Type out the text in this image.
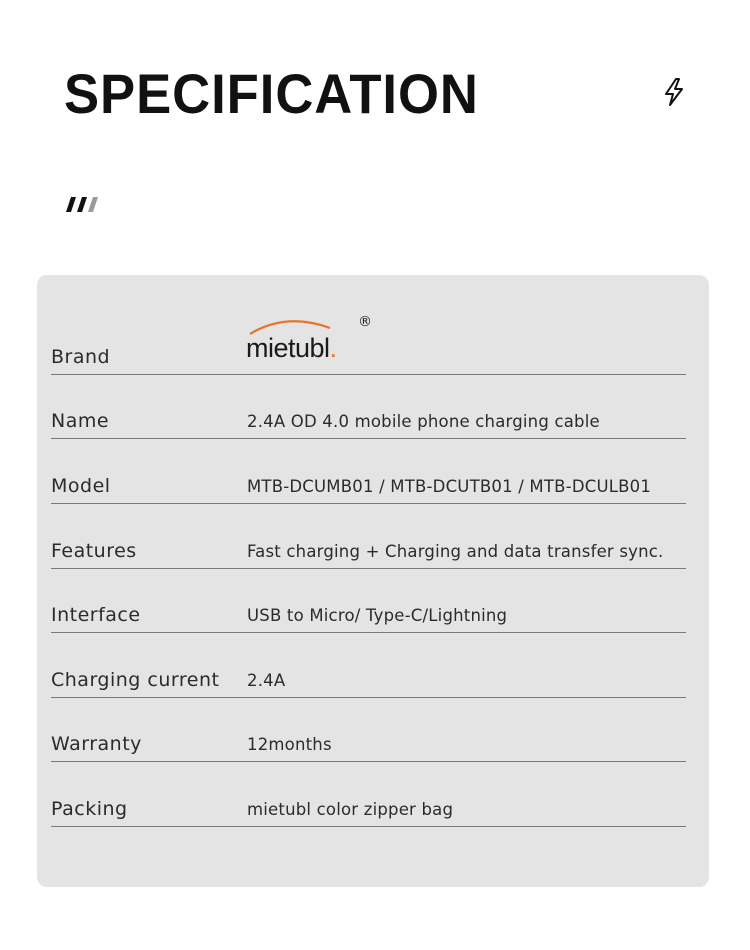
SPECIFICATION
Brand	mietubl.
®
Name	2.4A OD 4.0 mobile phone charging cable
Model	MTB-DCUMB01 / MTB-DCUTB01 / MTB-DCULB01
Features	Fast charging + Charging and data transfer sync.
Interface	USB to Micro/ Type-C/Lightning
Charging current 2.4A
Warranty	12months
Packing	mietubl color zipper bag
